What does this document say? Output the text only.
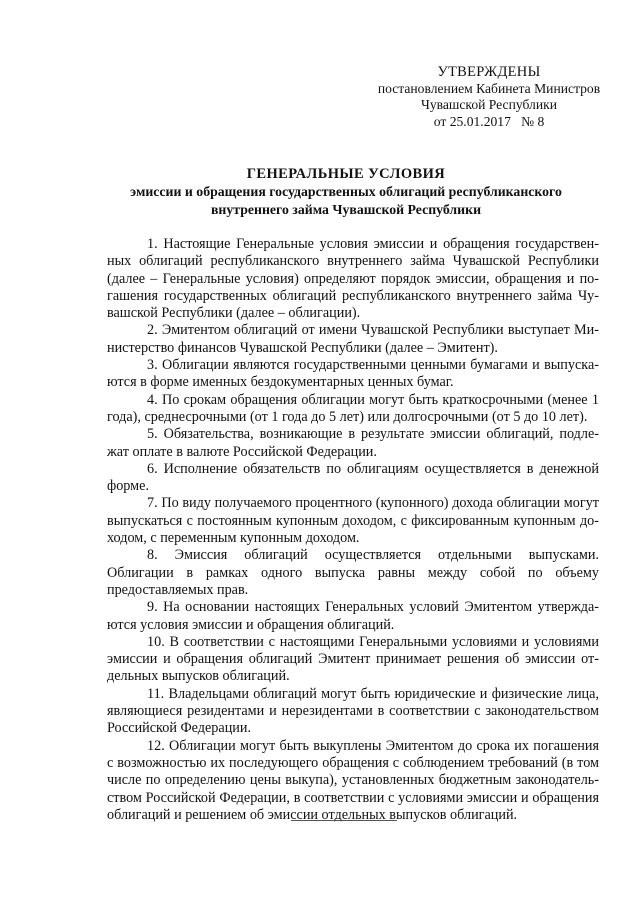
УТВЕРЖДЕНЫ
постановлением Кабинета Министров
Чувашской Республики
от 25.01.2017   № 8
ГЕНЕРАЛЬНЫЕ УСЛОВИЯ
эмиссии и обращения государственных облигаций республиканского
внутреннего займа Чувашской Республики

1. Настоящие Генеральные условия эмиссии и обращения государственных облигаций республиканского внутреннего займа Чувашской Республики (далее – Генеральные условия) определяют порядок эмиссии, обращения и погашения государственных облигаций республиканского внутреннего займа Чувашской Республики (далее – облигации).

2. Эмитентом облигаций от имени Чувашской Республики выступает Министерство финансов Чувашской Республики (далее – Эмитент).

3. Облигации являются государственными ценными бумагами и выпускаются в форме именных бездокументарных ценных бумаг.

4. По срокам обращения облигации могут быть краткосрочными (менее 1 года), среднесрочными (от 1 года до 5 лет) или долгосрочными (от 5 до 10 лет).

5. Обязательства, возникающие в результате эмиссии облигаций, подлежат оплате в валюте Российской Федерации.

6. Исполнение обязательств по облигациям осуществляется в денежной форме.

7. По виду получаемого процентного (купонного) дохода облигации могут выпускаться с постоянным купонным доходом, с фиксированным купонным доходом, с переменным купонным доходом.

8. Эмиссия облигаций осуществляется отдельными выпусками. Облигации в рамках одного выпуска равны между собой по объему предоставляемых прав.

9. На основании настоящих Генеральных условий Эмитентом утверждаются условия эмиссии и обращения облигаций.

10. В соответствии с настоящими Генеральными условиями и условиями эмиссии и обращения облигаций Эмитент принимает решения об эмиссии отдельных выпусков облигаций.

11. Владельцами облигаций могут быть юридические и физические лица, являющиеся резидентами и нерезидентами в соответствии с законодательством Российской Федерации.

12. Облигации могут быть выкуплены Эмитентом до срока их погашения с возможностью их последующего обращения с соблюдением требований (в том числе по определению цены выкупа), установленных бюджетным законодательством Российской Федерации, в соответствии с условиями эмиссии и обращения облигаций и решением об эмиссии отдельных выпусков облигаций.
